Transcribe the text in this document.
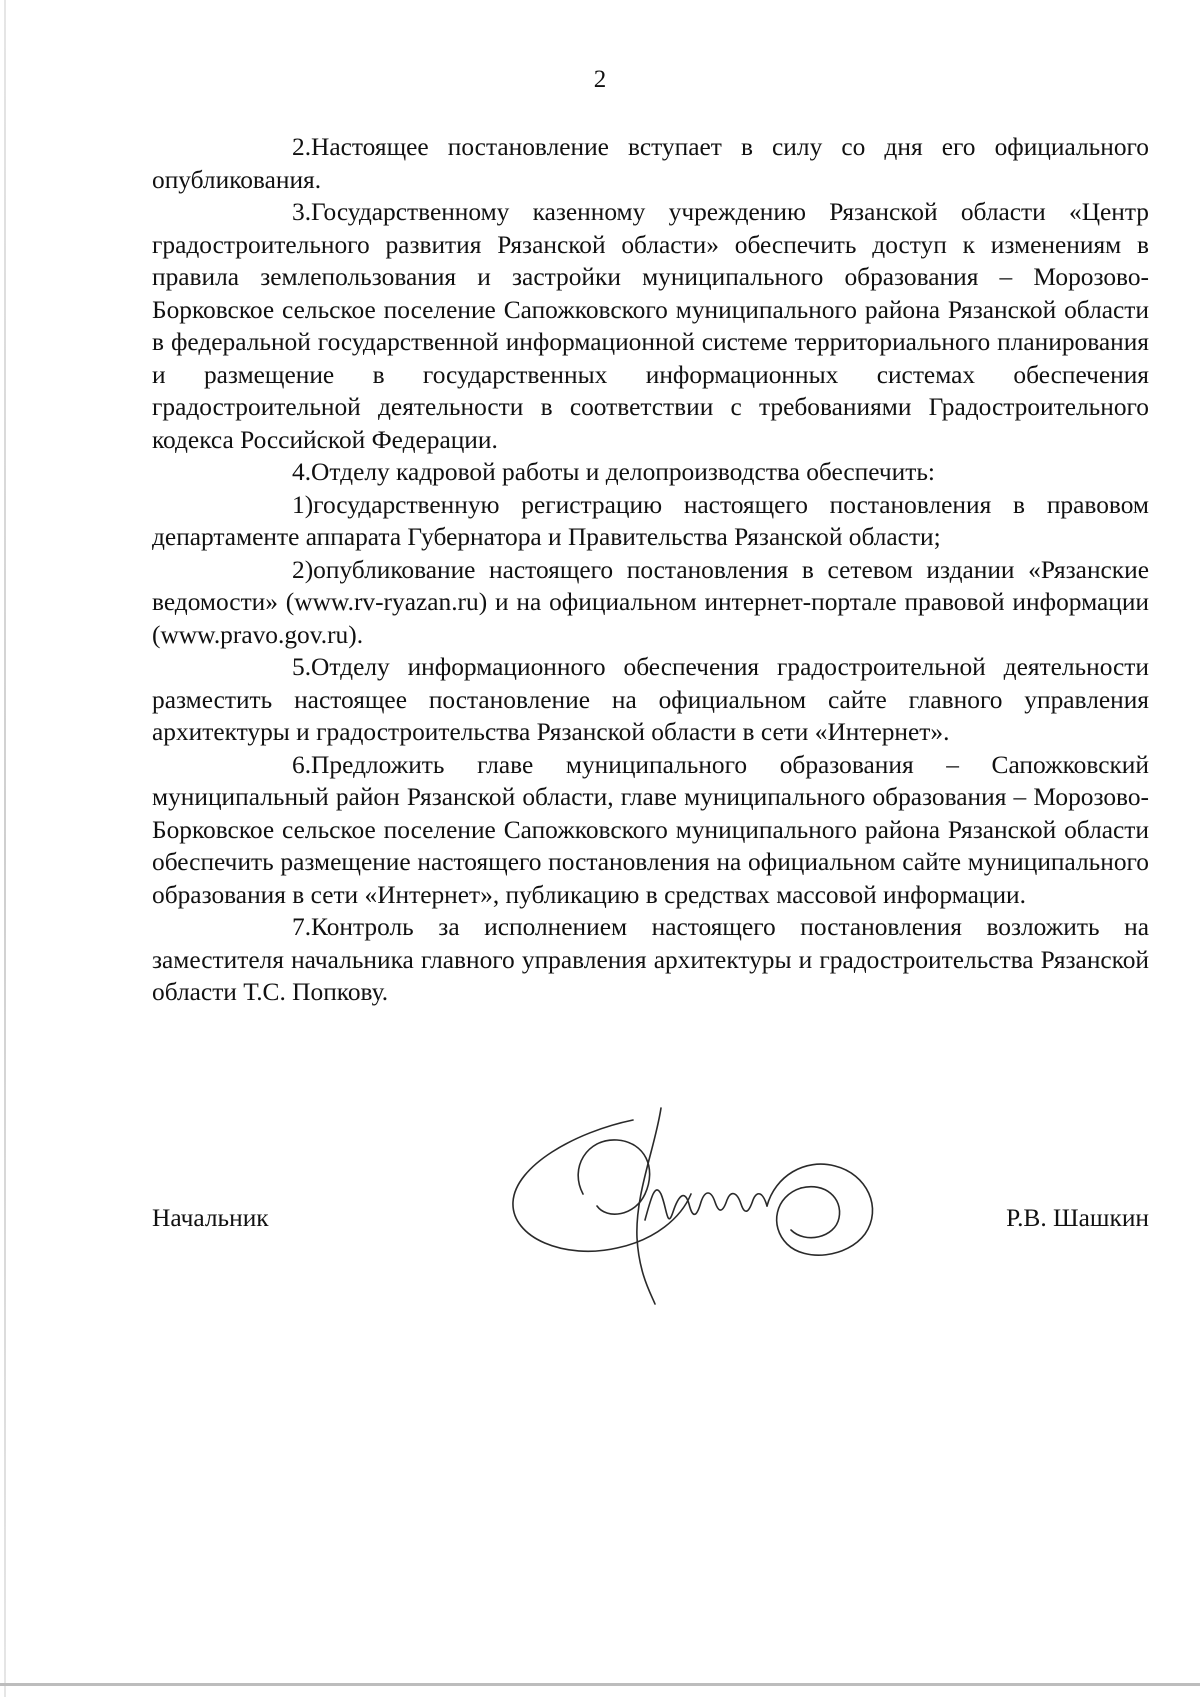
2

2.Настоящее постановление вступает в силу со дня его официального опубликования.

3.Государственному казенному учреждению Рязанской области «Центр градостроительного развития Рязанской области» обеспечить доступ к изменениям в правила землепользования и застройки муниципального образования – Морозово-Борковское сельское поселение Сапожковского муниципального района Рязанской области в федеральной государственной информационной системе территориального планирования и размещение в государственных информационных системах обеспечения градостроительной деятельности в соответствии с требованиями Градостроительного кодекса Российской Федерации.

4.Отделу кадровой работы и делопроизводства обеспечить:

1)государственную регистрацию настоящего постановления в правовом департаменте аппарата Губернатора и Правительства Рязанской области;

2)опубликование настоящего постановления в сетевом издании «Рязанские ведомости» (www.rv-ryazan.ru) и на официальном интернет-портале правовой информации (www.pravo.gov.ru).

5.Отделу информационного обеспечения градостроительной деятельности разместить настоящее постановление на официальном сайте главного управления архитектуры и градостроительства Рязанской области в сети «Интернет».

6.Предложить главе муниципального образования – Сапожковский муниципальный район Рязанской области, главе муниципального образования – Морозово-Борковское сельское поселение Сапожковского муниципального района Рязанской области обеспечить размещение настоящего постановления на официальном сайте муниципального образования в сети «Интернет», публикацию в средствах массовой информации.

7.Контроль за исполнением настоящего постановления возложить на заместителя начальника главного управления архитектуры и градостроительства Рязанской области Т.С. Попкову.

Начальник	Р.В. Шашкин
